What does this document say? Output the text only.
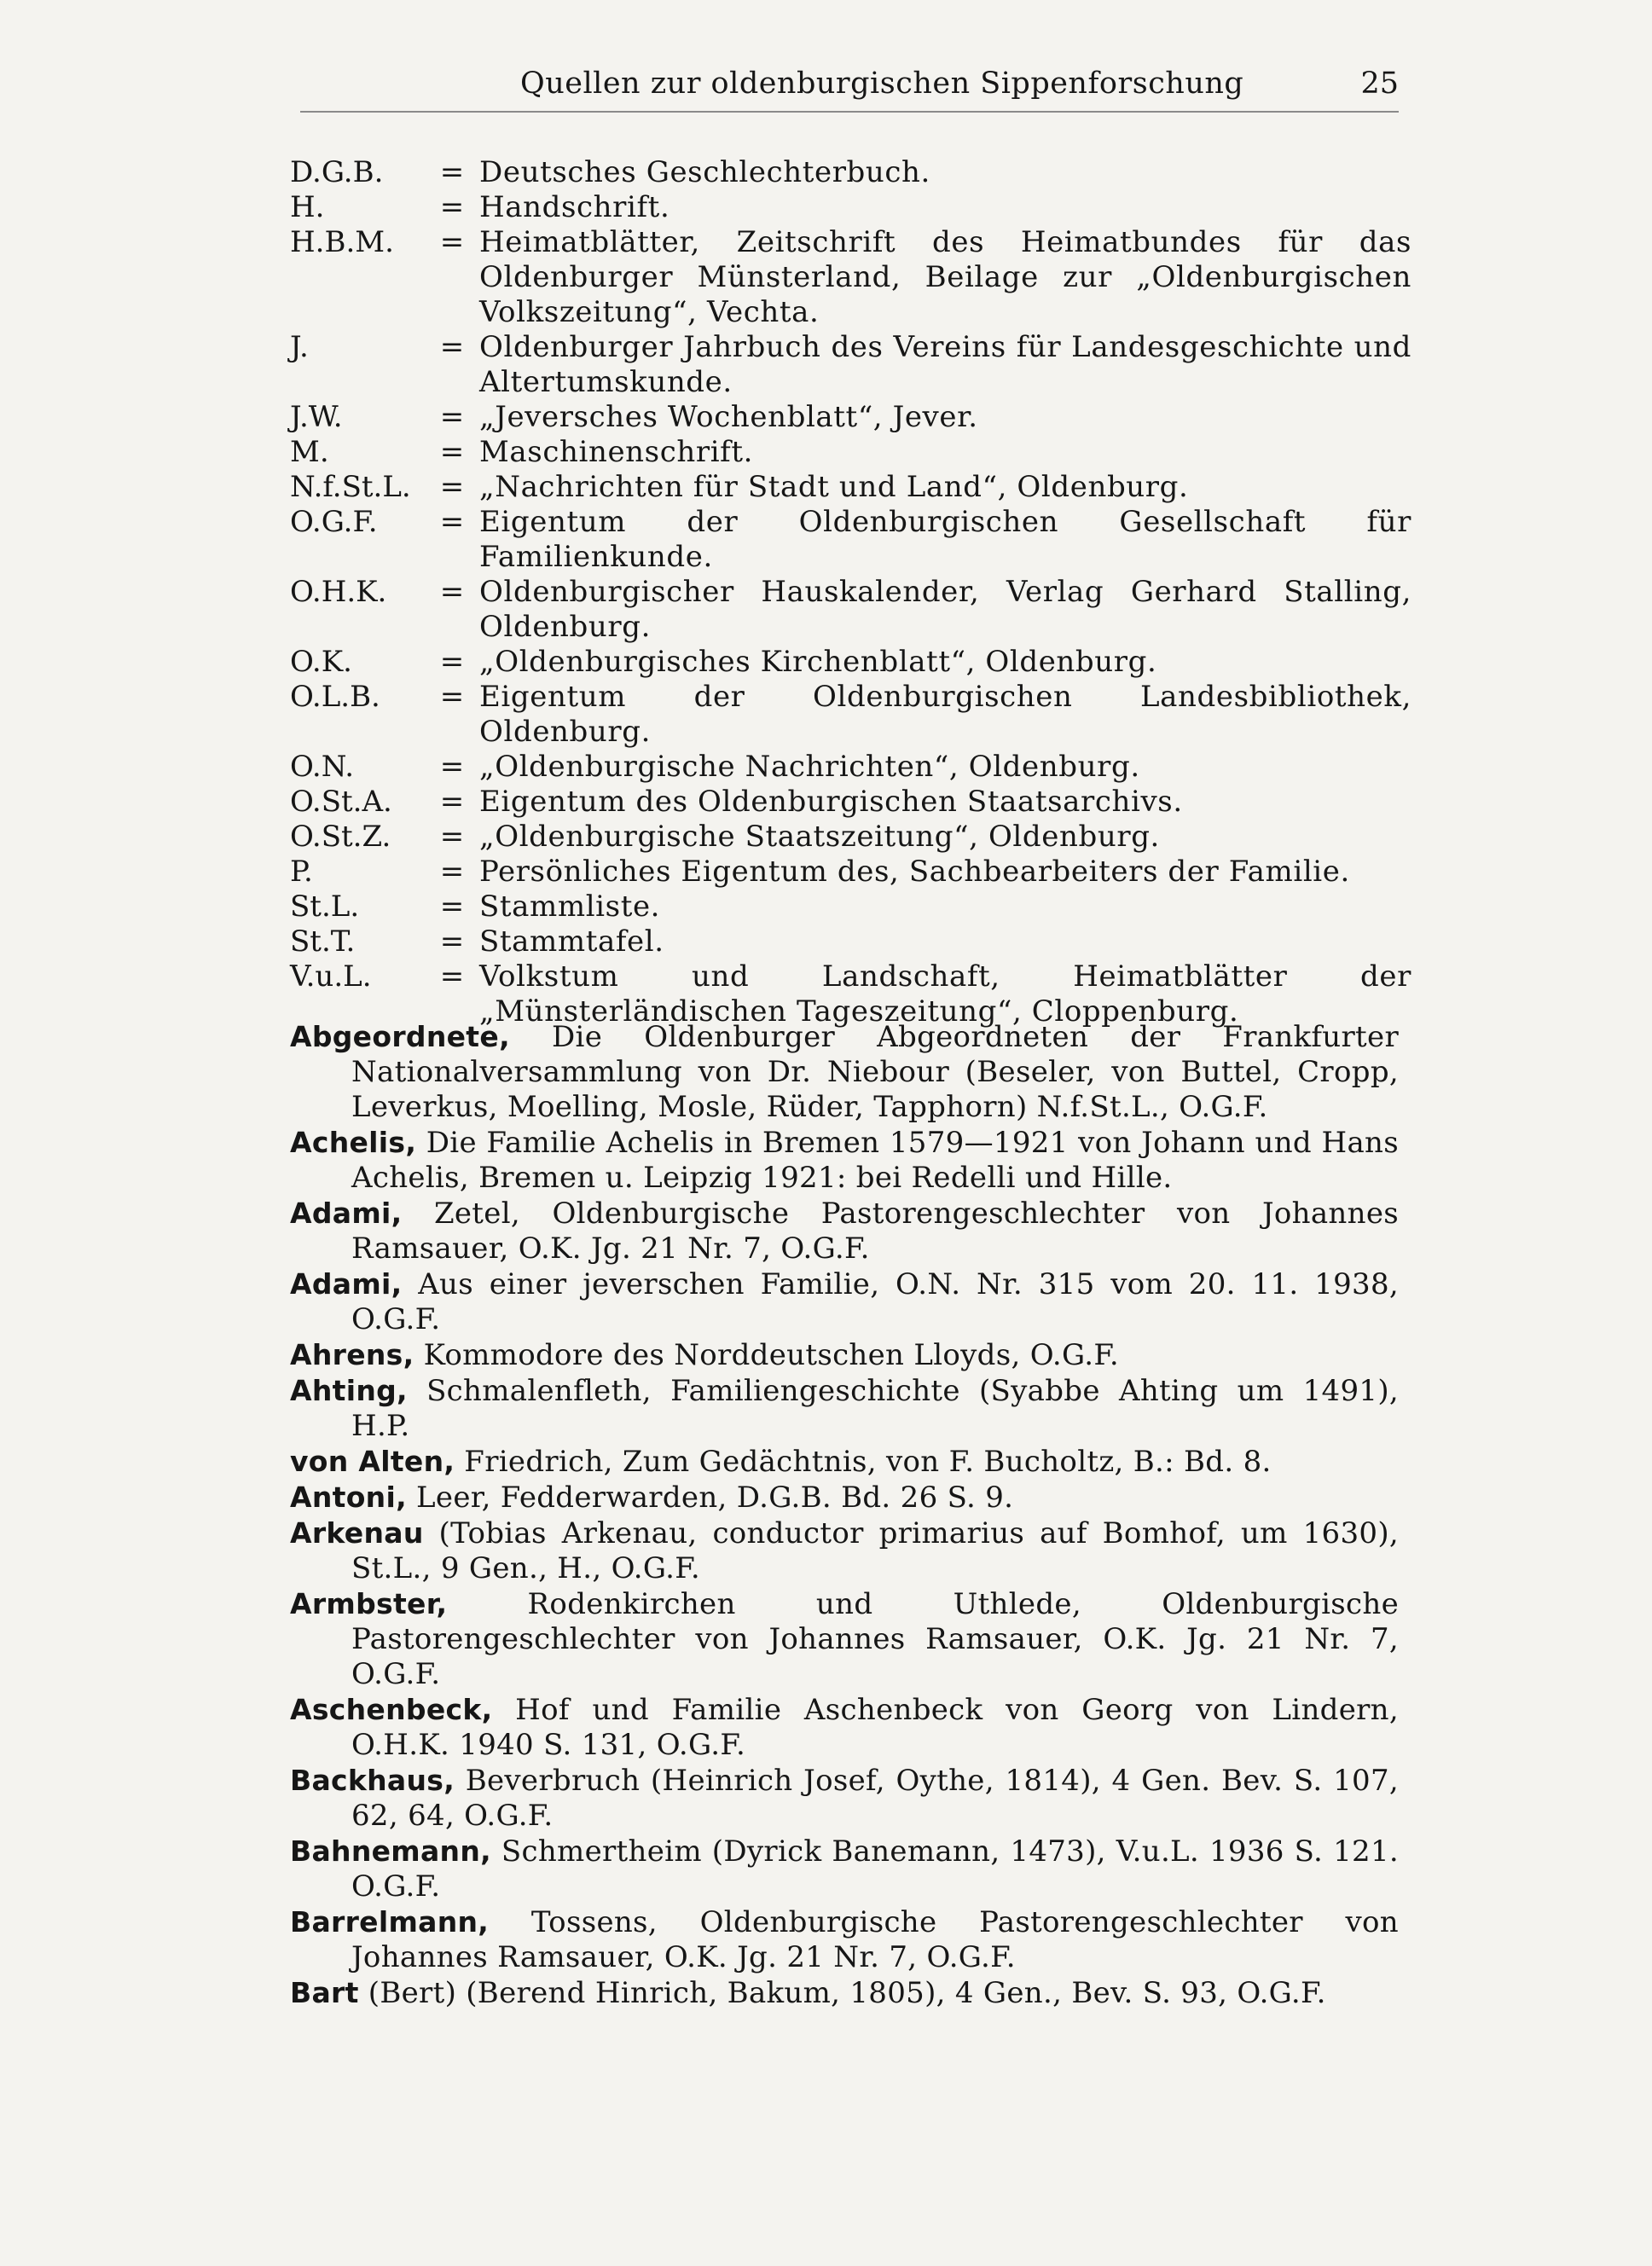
Quellen zur oldenburgischen Sippenforschung	25
D.G.B.	= Deutsches Geschlechterbuch.
H.	= Handschrift.
H.B.M.	= Heimatblätter, Zeitschrift des Heimatbundes für das Oldenburger Münsterland, Beilage zur „Oldenburgischen Volkszeitung“, Vechta.
J.	= Oldenburger Jahrbuch des Vereins für Landesgeschichte und Altertumskunde.
J.W.	= „Jeversches Wochenblatt“, Jever.
M.	= Maschinenschrift.
N.f.St.L.	= „Nachrichten für Stadt und Land“, Oldenburg.
O.G.F.	= Eigentum der Oldenburgischen Gesellschaft für Familienkunde.
O.H.K.	= Oldenburgischer Hauskalender, Verlag Gerhard Stalling, Oldenburg.
O.K.	= „Oldenburgisches Kirchenblatt“, Oldenburg.
O.L.B.	= Eigentum der Oldenburgischen Landesbibliothek, Oldenburg.
O.N.	= „Oldenburgische Nachrichten“, Oldenburg.
O.St.A.	= Eigentum des Oldenburgischen Staatsarchivs.
O.St.Z.	= „Oldenburgische Staatszeitung“, Oldenburg.
P.	= Persönliches Eigentum des, Sachbearbeiters der Familie.
St.L.	= Stammliste.
St.T.	= Stammtafel.
V.u.L.	= Volkstum und Landschaft, Heimatblätter der „Münsterländischen Tageszeitung“, Cloppenburg.
Abgeordnete, Die Oldenburger Abgeordneten der Frankfurter Nationalversammlung von Dr. Niebour (Beseler, von Buttel, Cropp, Leverkus, Moelling, Mosle, Rüder, Tapphorn) N.f.St.L., O.G.F.
Achelis, Die Familie Achelis in Bremen 1579—1921 von Johann und Hans Achelis, Bremen u. Leipzig 1921: bei Redelli und Hille.
Adami, Zetel, Oldenburgische Pastorengeschlechter von Johannes Ramsauer, O.K. Jg. 21 Nr. 7, O.G.F.
Adami, Aus einer jeverschen Familie, O.N. Nr. 315 vom 20. 11. 1938, O.G.F.
Ahrens, Kommodore des Norddeutschen Lloyds, O.G.F.
Ahting, Schmalenfleth, Familiengeschichte (Syabbe Ahting um 1491), H.P.
von Alten, Friedrich, Zum Gedächtnis, von F. Bucholtz, B.: Bd. 8.
Antoni, Leer, Fedderwarden, D.G.B. Bd. 26 S. 9.
Arkenau (Tobias Arkenau, conductor primarius auf Bomhof, um 1630), St.L., 9 Gen., H., O.G.F.
Armbster, Rodenkirchen und Uthlede, Oldenburgische Pastorengeschlechter von Johannes Ramsauer, O.K. Jg. 21 Nr. 7, O.G.F.
Aschenbeck, Hof und Familie Aschenbeck von Georg von Lindern, O.H.K. 1940 S. 131, O.G.F.
Backhaus, Beverbruch (Heinrich Josef, Oythe, 1814), 4 Gen. Bev. S. 107, 62, 64, O.G.F.
Bahnemann, Schmertheim (Dyrick Banemann, 1473), V.u.L. 1936 S. 121. O.G.F.
Barrelmann, Tossens, Oldenburgische Pastorengeschlechter von Johannes Ramsauer, O.K. Jg. 21 Nr. 7, O.G.F.
Bart (Bert) (Berend Hinrich, Bakum, 1805), 4 Gen., Bev. S. 93, O.G.F.
